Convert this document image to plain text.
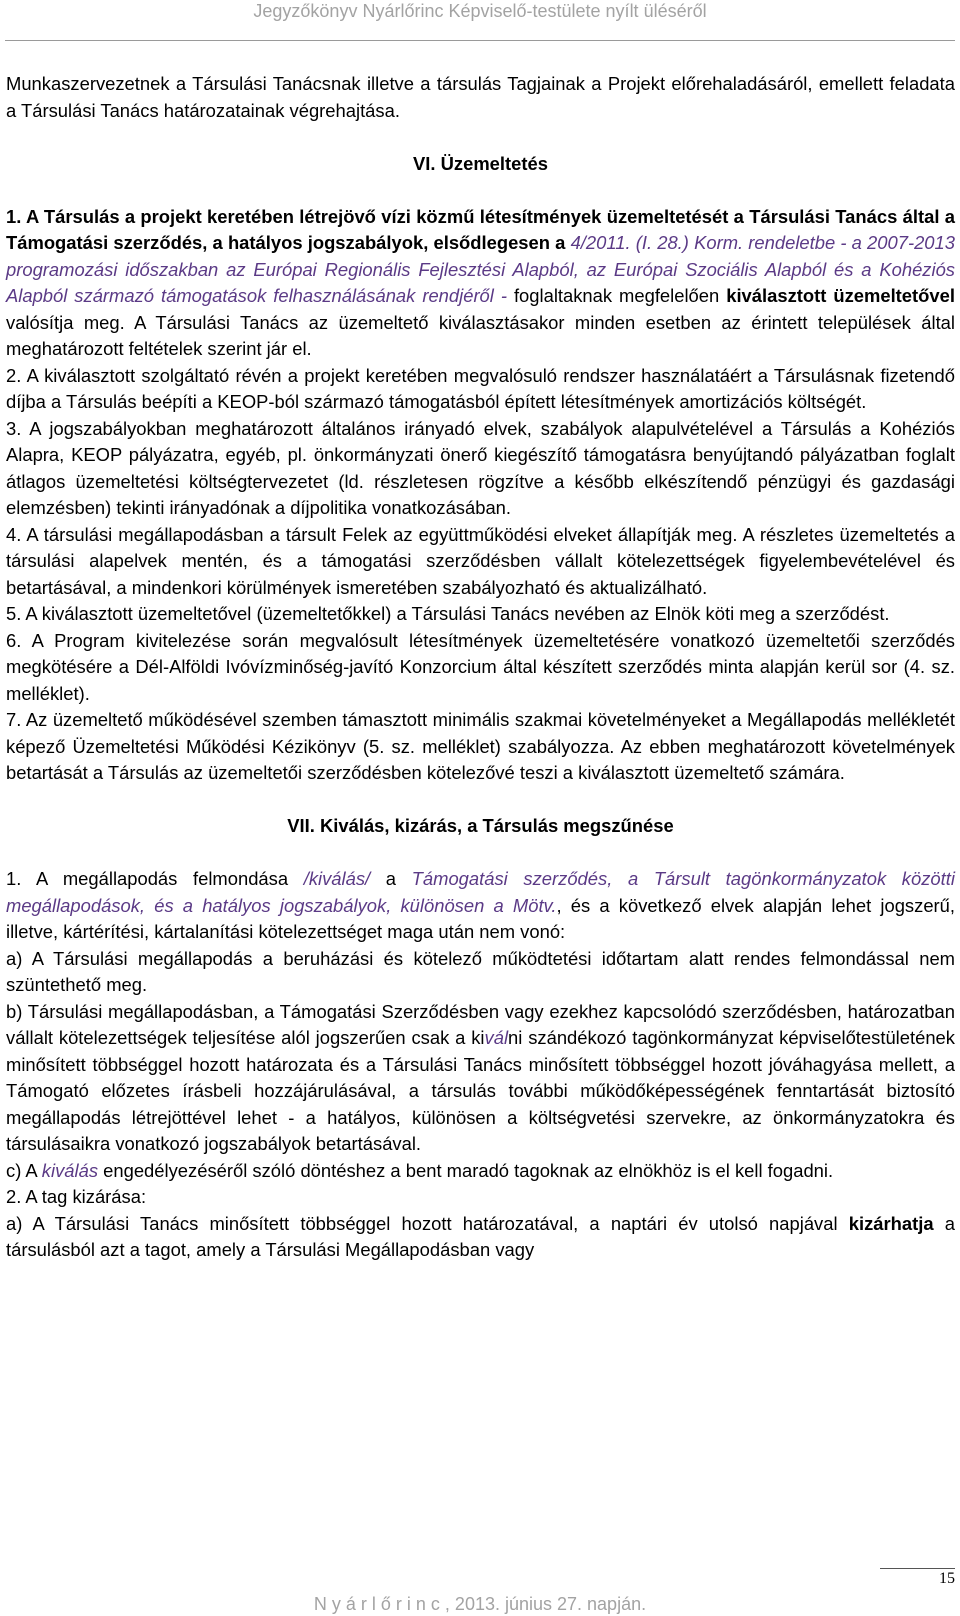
Jegyzőkönyv Nyárlőrinc Képviselő-testülete nyílt üléséről

Munkaszervezetnek a Társulási Tanácsnak illetve a társulás Tagjainak a Projekt előrehaladásáról, emellett feladata a Társulási Tanács határozatainak végrehajtása.

VI. Üzemeltetés

1. A Társulás a projekt keretében létrejövő vízi közmű létesítmények üzemeltetését a Társulási Tanács által a Támogatási szerződés, a hatályos jogszabályok, elsődlegesen a 4/2011. (I. 28.) Korm. rendeletbe - a 2007-2013 programozási időszakban az Európai Regionális Fejlesztési Alapból, az Európai Szociális Alapból és a Kohéziós Alapból származó támogatások felhasználásának rendjéről - foglaltaknak megfelelően kiválasztott üzemeltetővel valósítja meg. A Társulási Tanács az üzemeltető kiválasztásakor minden esetben az érintett települések által meghatározott feltételek szerint jár el.

2. A kiválasztott szolgáltató révén a projekt keretében megvalósuló rendszer használatáért a Társulásnak fizetendő díjba a Társulás beépíti a KEOP-ból származó támogatásból épített létesítmények amortizációs költségét.

3. A jogszabályokban meghatározott általános irányadó elvek, szabályok alapulvételével a Társulás a Kohéziós Alapra, KEOP pályázatra, egyéb, pl. önkormányzati önerő kiegészítő támogatásra benyújtandó pályázatban foglalt átlagos üzemeltetési költségtervezetet (ld. részletesen rögzítve a később elkészítendő pénzügyi és gazdasági elemzésben) tekinti irányadónak a díjpolitika vonatkozásában.

4. A társulási megállapodásban a társult Felek az együttműködési elveket állapítják meg. A részletes üzemeltetés a társulási alapelvek mentén, és a támogatási szerződésben vállalt kötelezettségek figyelembevételével és betartásával, a mindenkori körülmények ismeretében szabályozható és aktualizálható.

5. A kiválasztott üzemeltetővel (üzemeltetőkkel) a Társulási Tanács nevében az Elnök köti meg a szerződést.

6. A Program kivitelezése során megvalósult létesítmények üzemeltetésére vonatkozó üzemeltetői szerződés megkötésére a Dél-Alföldi Ivóvízminőség-javító Konzorcium által készített szerződés minta alapján kerül sor (4. sz. melléklet).

7. Az üzemeltető működésével szemben támasztott minimális szakmai követelményeket a Megállapodás mellékletét képező Üzemeltetési Működési Kézikönyv (5. sz. melléklet) szabályozza. Az ebben meghatározott követelmények betartását a Társulás az üzemeltetői szerződésben kötelezővé teszi a kiválasztott üzemeltető számára.

VII. Kiválás, kizárás, a Társulás megszűnése

1. A megállapodás felmondása /kiválás/ a Támogatási szerződés, a Társult tagönkormányzatok közötti megállapodások, és a hatályos jogszabályok, különösen a Mötv., és a következő elvek alapján lehet jogszerű, illetve, kártérítési, kártalanítási kötelezettséget maga után nem vonó:

a) A Társulási megállapodás a beruházási és kötelező működtetési időtartam alatt rendes felmondással nem szüntethető meg.

b) Társulási megállapodásban, a Támogatási Szerződésben vagy ezekhez kapcsolódó szerződésben, határozatban vállalt kötelezettségek teljesítése alól jogszerűen csak a kiválni szándékozó tagönkormányzat képviselőtestületének minősített többséggel hozott határozata és a Társulási Tanács minősített többséggel hozott jóváhagyása mellett, a Támogató előzetes írásbeli hozzájárulásával, a társulás további működőképességének fenntartását biztosító megállapodás létrejöttével lehet - a hatályos, különösen a költségvetési szervekre, az önkormányzatokra és társulásaikra vonatkozó jogszabályok betartásával.

c) A kiválás engedélyezéséről szóló döntéshez a bent maradó tagoknak az elnökhöz is el kell fogadni.

2. A tag kizárása:

a) A Társulási Tanács minősített többséggel hozott határozatával, a naptári év utolsó napjával kizárhatja a társulásból azt a tagot, amely a Társulási Megállapodásban vagy

15
N y á r l ő r i n c , 2013. június 27. napján.
